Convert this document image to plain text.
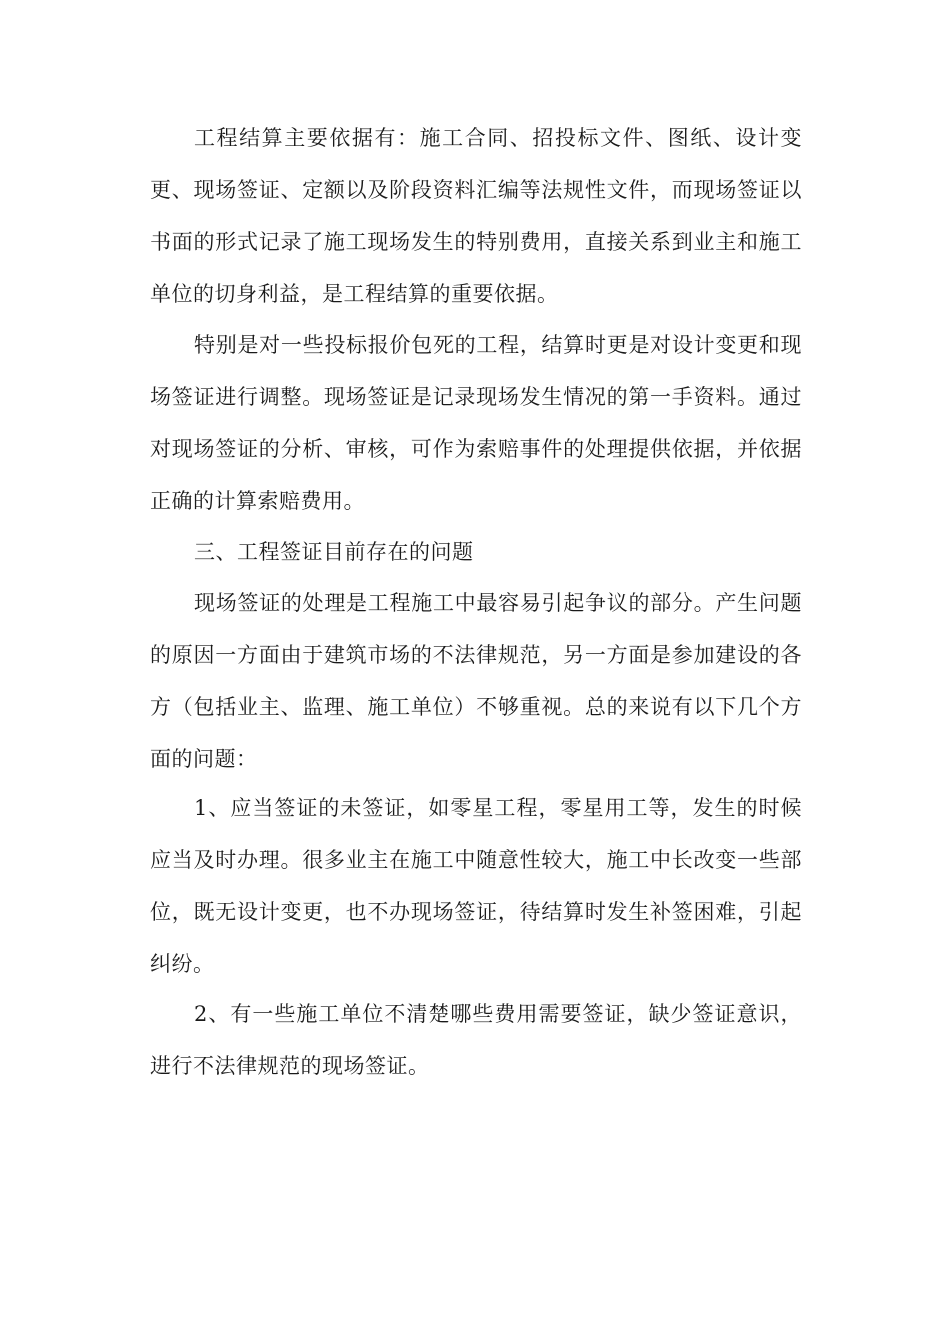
工程结算主要依据有：施工合同、招投标文件、图纸、设计变更、现场签证、定额以及阶段资料汇编等法规性文件，而现场签证以书面的形式记录了施工现场发生的特别费用，直接关系到业主和施工单位的切身利益，是工程结算的重要依据。

特别是对一些投标报价包死的工程，结算时更是对设计变更和现场签证进行调整。现场签证是记录现场发生情况的第一手资料。通过对现场签证的分析、审核，可作为索赔事件的处理提供依据，并依据正确的计算索赔费用。

三、工程签证目前存在的问题

现场签证的处理是工程施工中最容易引起争议的部分。产生问题的原因一方面由于建筑市场的不法律规范，另一方面是参加建设的各方（包括业主、监理、施工单位）不够重视。总的来说有以下几个方面的问题：

1、应当签证的未签证，如零星工程，零星用工等，发生的时候应当及时办理。很多业主在施工中随意性较大，施工中长改变一些部位，既无设计变更，也不办现场签证，待结算时发生补签困难，引起纠纷。

2、有一些施工单位不清楚哪些费用需要签证，缺少签证意识，进行不法律规范的现场签证。
